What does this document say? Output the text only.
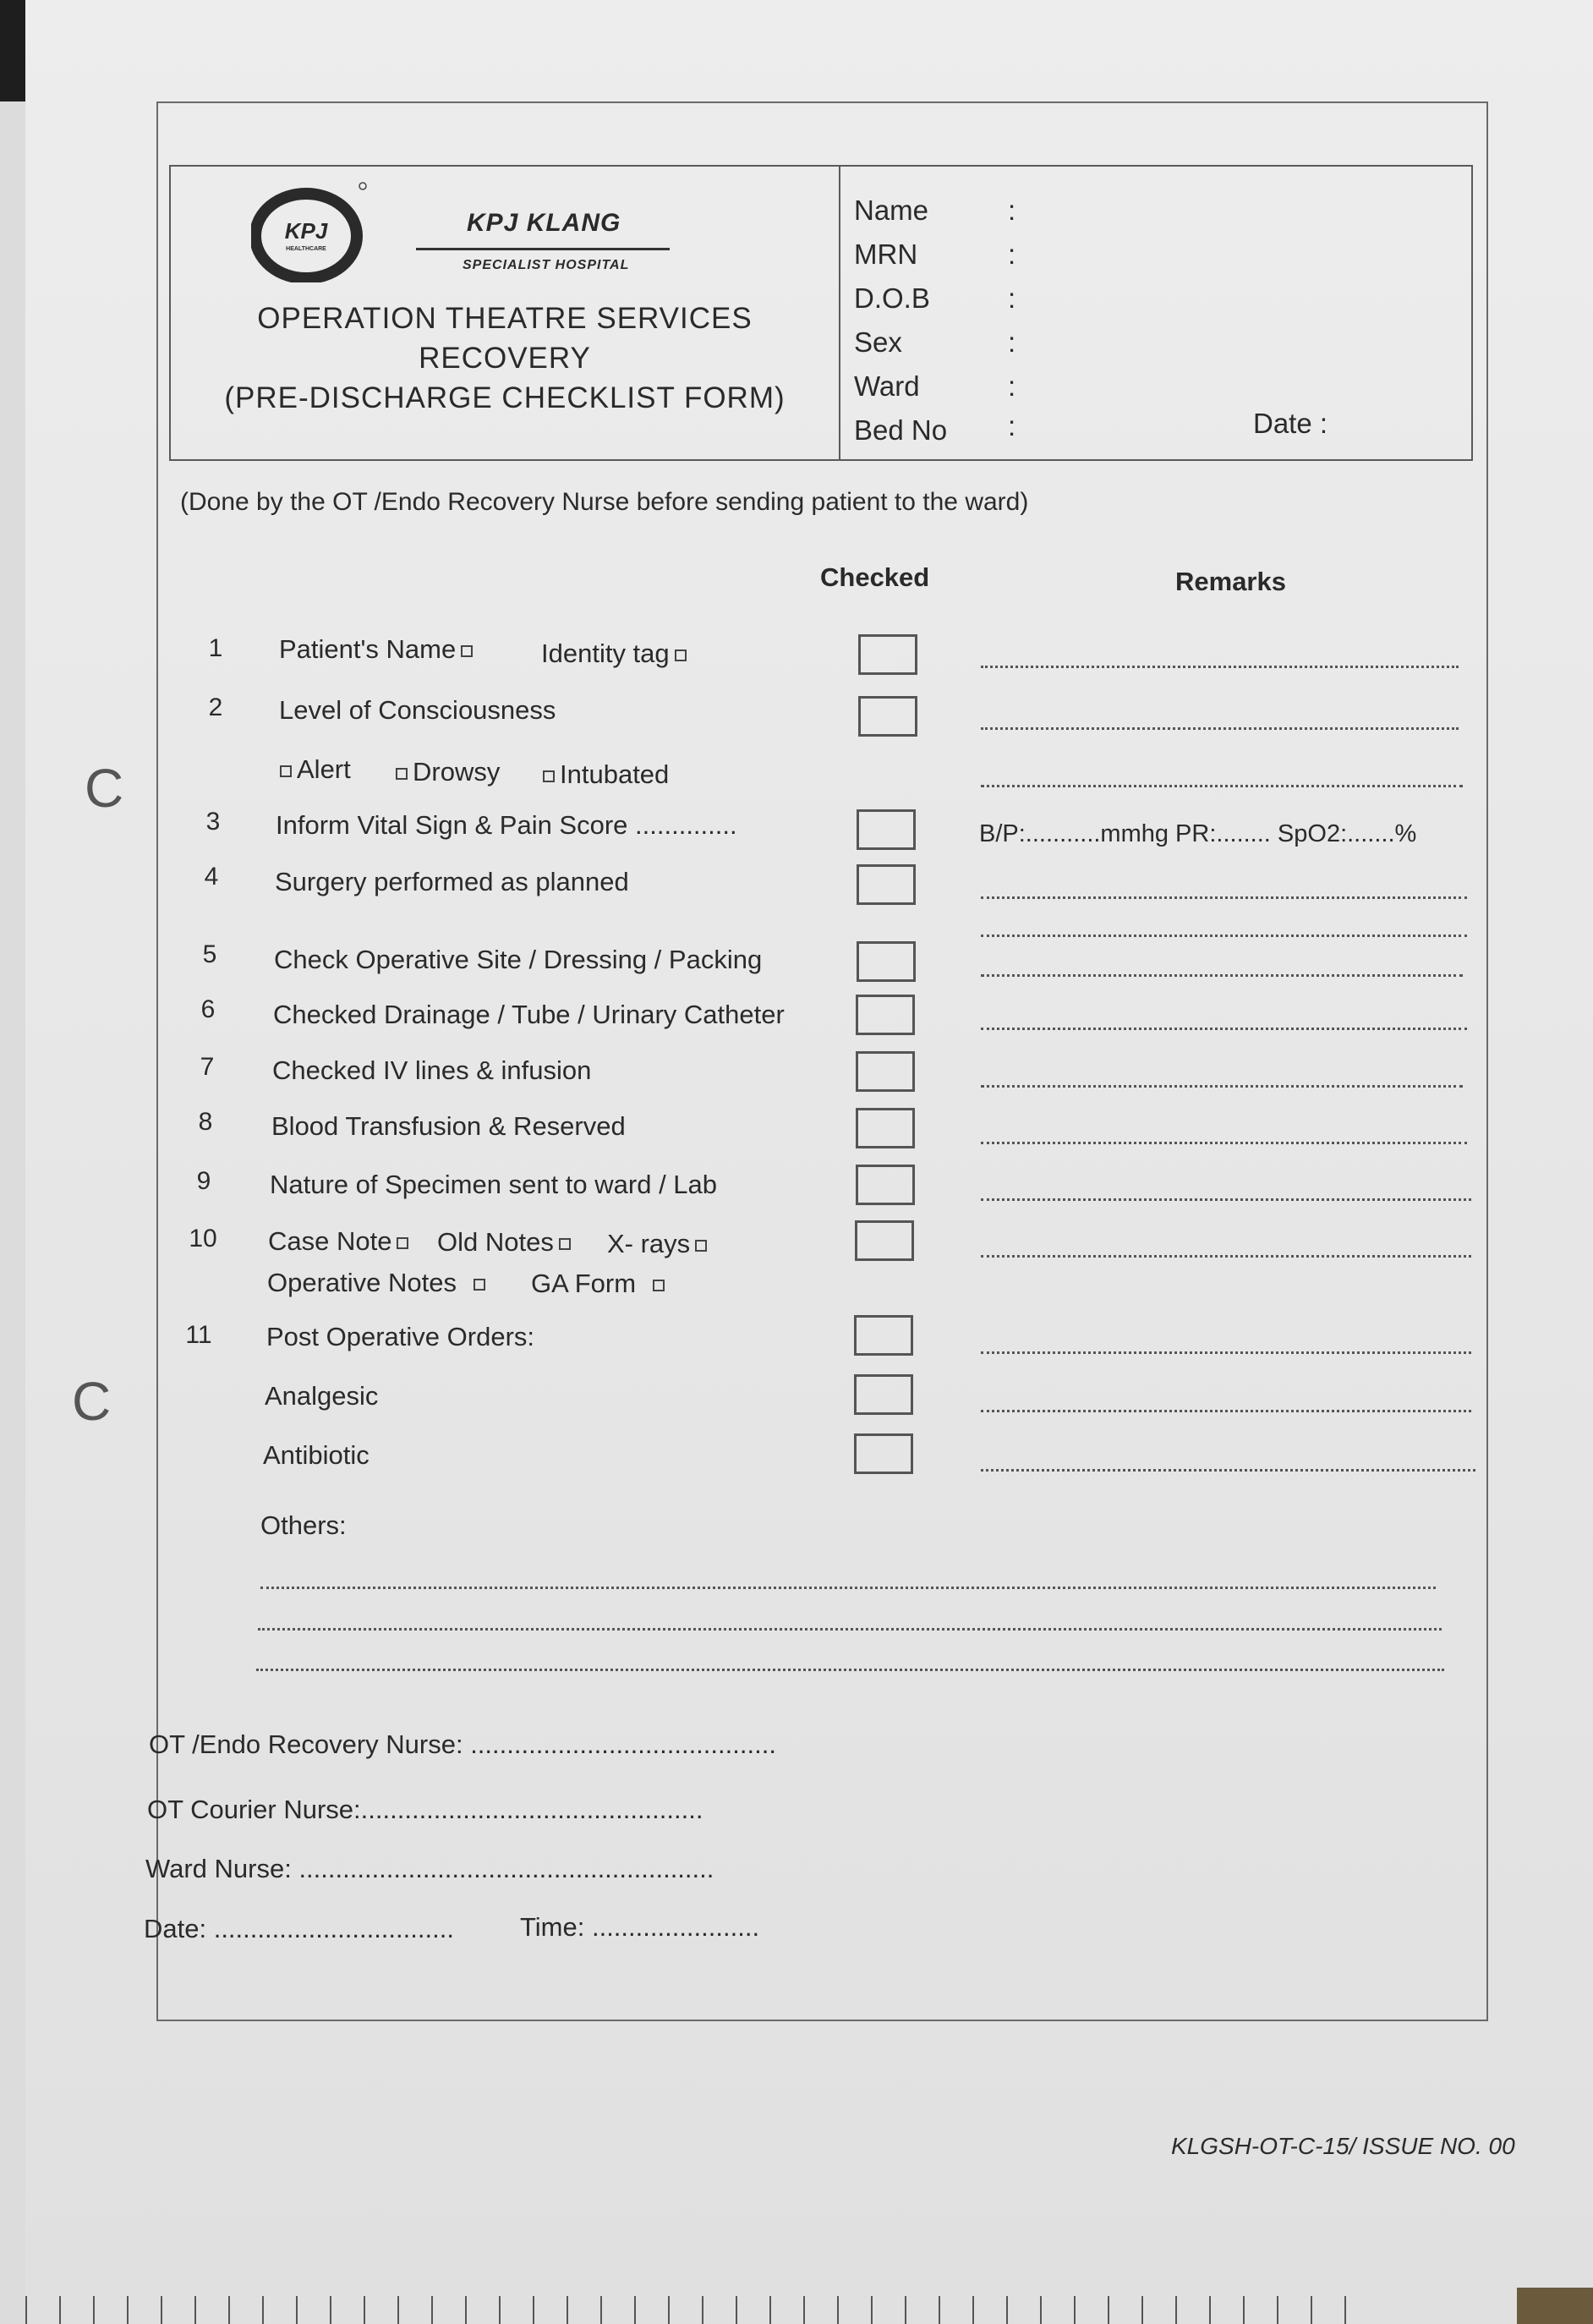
KPJ
HEALTHCARE
KPJ KLANG
SPECIALIST HOSPITAL
OPERATION THEATRE SERVICES
RECOVERY
(PRE-DISCHARGE CHECKLIST FORM)
Name	:
MRN	:
D.O.B	:
Sex	:
Ward	:
Bed No :	Date :
(Done by the OT /Endo Recovery Nurse before sending patient to the ward)
Checked	Remarks
1	Patient's Name	Identity tag
2	Level of Consciousness
Alert	Drowsy	Intubated
3	Inform Vital Sign & Pain Score ..............	B/P:...........mmhg PR:........ SpO2:.......%
4	Surgery performed as planned
5	Check Operative Site / Dressing / Packing
6	Checked Drainage / Tube / Urinary Catheter
7	Checked IV lines & infusion
8	Blood Transfusion & Reserved
9	Nature of Specimen sent to ward / Lab
10	Case Note	Old Notes	X- rays
Operative Notes	GA Form
11	Post Operative Orders:
Analgesic
Antibiotic
Others:
OT /Endo Recovery Nurse: ..........................................
OT Courier Nurse:...............................................
Ward Nurse: .........................................................
Date: .................................	Time: .......................
C
C
KLGSH-OT-C-15/ ISSUE NO. 00
